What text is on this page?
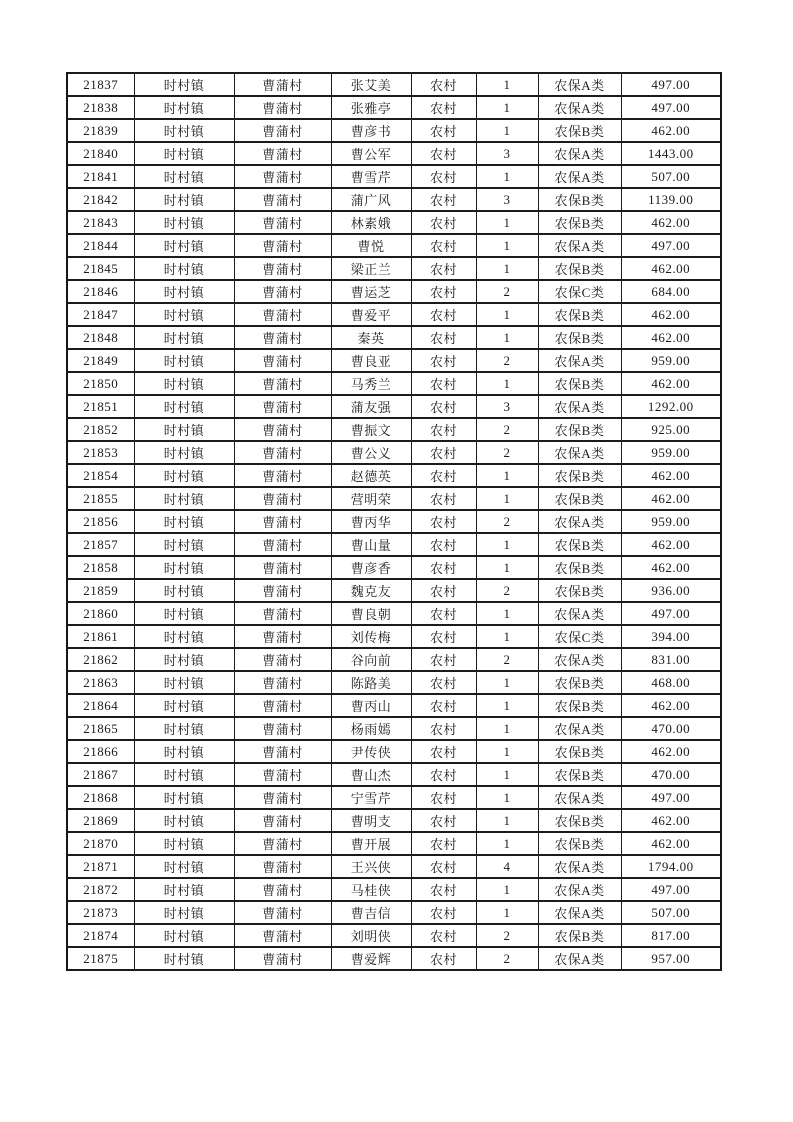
21837	时村镇	曹蒲村	张艾美	农村	1	农保A类	497.00
21838	时村镇	曹蒲村	张雅亭	农村	1	农保A类	497.00
21839	时村镇	曹蒲村	曹彦书	农村	1	农保B类	462.00
21840	时村镇	曹蒲村	曹公军	农村	3	农保A类	1443.00
21841	时村镇	曹蒲村	曹雪芹	农村	1	农保A类	507.00
21842	时村镇	曹蒲村	蒲广风	农村	3	农保B类	1139.00
21843	时村镇	曹蒲村	林素娥	农村	1	农保B类	462.00
21844	时村镇	曹蒲村	曹悦	农村	1	农保A类	497.00
21845	时村镇	曹蒲村	梁正兰	农村	1	农保B类	462.00
21846	时村镇	曹蒲村	曹运芝	农村	2	农保C类	684.00
21847	时村镇	曹蒲村	曹爱平	农村	1	农保B类	462.00
21848	时村镇	曹蒲村	秦英	农村	1	农保B类	462.00
21849	时村镇	曹蒲村	曹良亚	农村	2	农保A类	959.00
21850	时村镇	曹蒲村	马秀兰	农村	1	农保B类	462.00
21851	时村镇	曹蒲村	蒲友强	农村	3	农保A类	1292.00
21852	时村镇	曹蒲村	曹振文	农村	2	农保B类	925.00
21853	时村镇	曹蒲村	曹公义	农村	2	农保A类	959.00
21854	时村镇	曹蒲村	赵德英	农村	1	农保B类	462.00
21855	时村镇	曹蒲村	营明荣	农村	1	农保B类	462.00
21856	时村镇	曹蒲村	曹丙华	农村	2	农保A类	959.00
21857	时村镇	曹蒲村	曹山量	农村	1	农保B类	462.00
21858	时村镇	曹蒲村	曹彦香	农村	1	农保B类	462.00
21859	时村镇	曹蒲村	魏克友	农村	2	农保B类	936.00
21860	时村镇	曹蒲村	曹良朝	农村	1	农保A类	497.00
21861	时村镇	曹蒲村	刘传梅	农村	1	农保C类	394.00
21862	时村镇	曹蒲村	谷向前	农村	2	农保A类	831.00
21863	时村镇	曹蒲村	陈路美	农村	1	农保B类	468.00
21864	时村镇	曹蒲村	曹丙山	农村	1	农保B类	462.00
21865	时村镇	曹蒲村	杨雨嫣	农村	1	农保A类	470.00
21866	时村镇	曹蒲村	尹传侠	农村	1	农保B类	462.00
21867	时村镇	曹蒲村	曹山杰	农村	1	农保B类	470.00
21868	时村镇	曹蒲村	宁雪芹	农村	1	农保A类	497.00
21869	时村镇	曹蒲村	曹明支	农村	1	农保B类	462.00
21870	时村镇	曹蒲村	曹开展	农村	1	农保B类	462.00
21871	时村镇	曹蒲村	王兴侠	农村	4	农保A类	1794.00
21872	时村镇	曹蒲村	马桂侠	农村	1	农保A类	497.00
21873	时村镇	曹蒲村	曹吉信	农村	1	农保A类	507.00
21874	时村镇	曹蒲村	刘明侠	农村	2	农保B类	817.00
21875	时村镇	曹蒲村	曹爱辉	农村	2	农保A类	957.00
